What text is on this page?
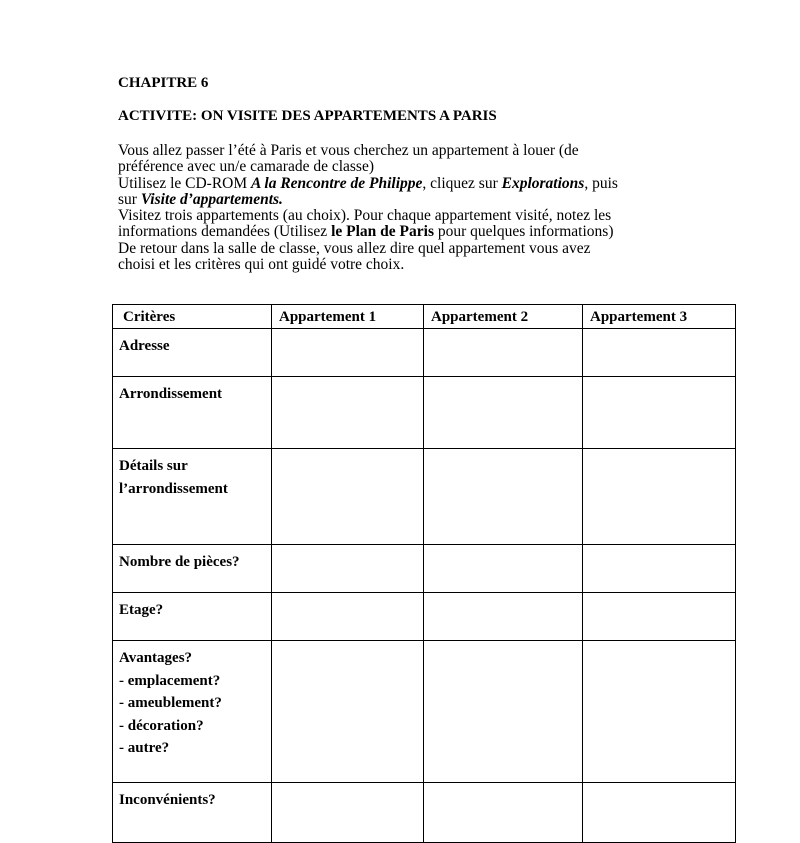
CHAPITRE 6
ACTIVITE: ON VISITE DES APPARTEMENTS A PARIS
Vous allez passer l’été à Paris et vous cherchez un appartement à louer (de
préférence avec un/e camarade de classe)
Utilisez le CD-ROM A la Rencontre de Philippe, cliquez sur Explorations, puis
sur Visite d’appartements.
Visitez trois appartements (au choix). Pour chaque appartement visité, notez les
informations demandées (Utilisez le Plan de Paris pour quelques informations)
De retour dans la salle de classe, vous allez dire quel appartement vous avez
choisi et les critères qui ont guidé votre choix.
Critères	Appartement 1	Appartement 2	Appartement 3

Adresse			

Arrondissement			

Détails sur
l’arrondissement			

Nombre de pièces?			

Etage?			

Avantages?
- emplacement?
- ameublement?
- décoration?
- autre?			

Inconvénients?			
